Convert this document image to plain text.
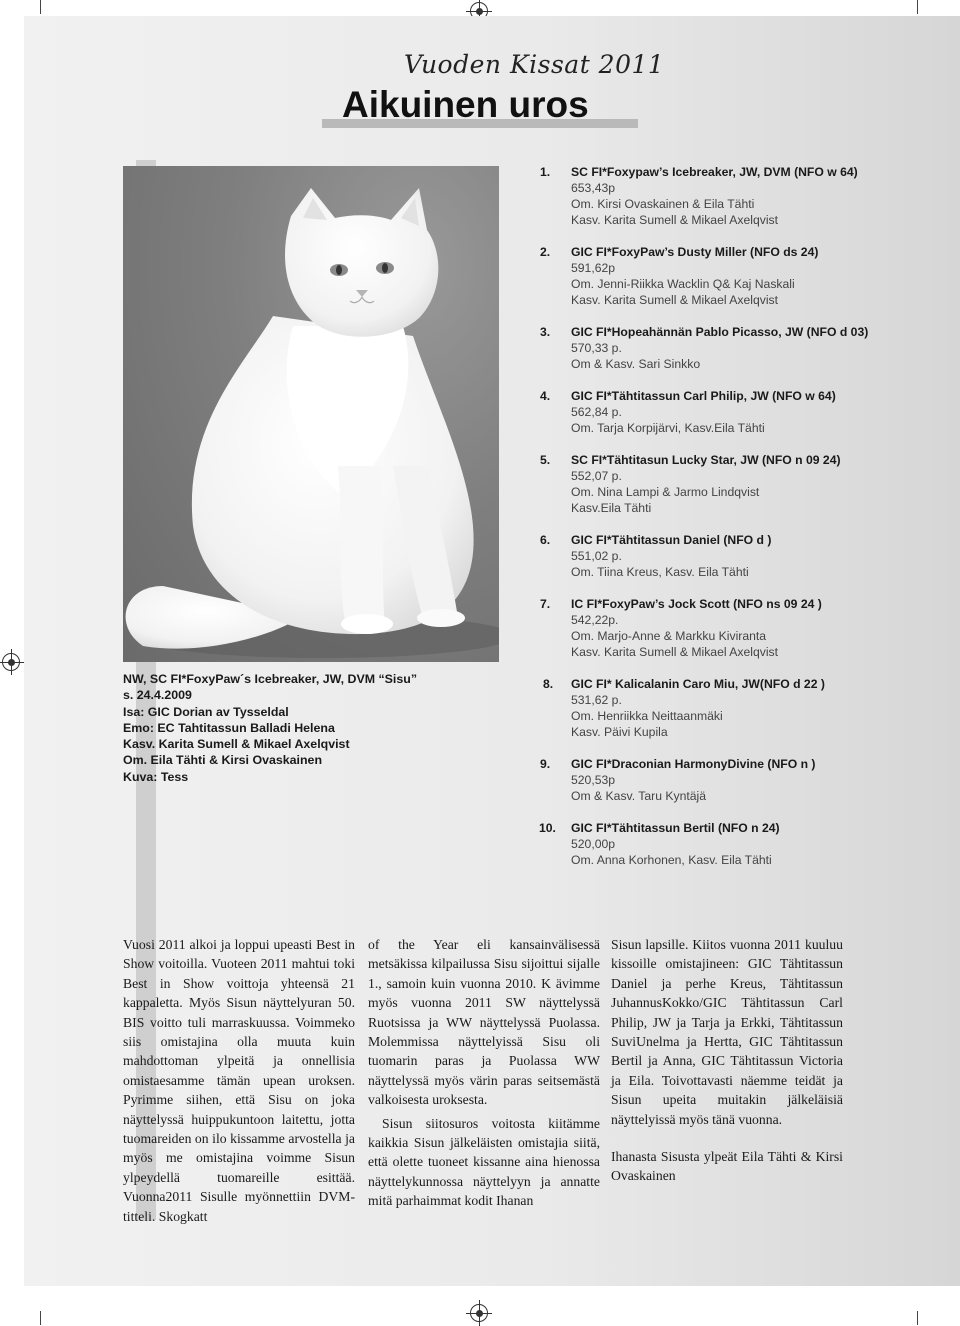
Vuoden Kissat 2011
Aikuinen uros
NW, SC FI*FoxyPaw´s Icebreaker, JW, DVM “Sisu”
s. 24.4.2009
Isa: GIC Dorian av Tysseldal
Emo: EC Tahtitassun Balladi Helena
Kasv. Karita Sumell & Mikael Axelqvist
Om. Eila Tähti & Kirsi Ovaskainen
Kuva: Tess
1. SC FI*Foxypaw’s Icebreaker, JW, DVM (NFO w 64)
653,43p
Om. Kirsi Ovaskainen & Eila Tähti
Kasv. Karita Sumell & Mikael Axelqvist
2. GIC FI*FoxyPaw’s Dusty Miller (NFO ds 24)
591,62p
Om. Jenni-Riikka Wacklin Q& Kaj Naskali
Kasv. Karita Sumell & Mikael Axelqvist
3. GIC FI*Hopeahännän Pablo Picasso, JW (NFO d 03)
570,33 p.
Om & Kasv. Sari Sinkko
4. GIC FI*Tähtitassun Carl Philip, JW (NFO w 64)
562,84 p.
Om. Tarja Korpijärvi, Kasv.Eila Tähti
5. SC FI*Tähtitasun Lucky Star, JW (NFO n 09 24)
552,07 p.
Om. Nina Lampi & Jarmo Lindqvist
Kasv.Eila Tähti
6. GIC FI*Tähtitassun Daniel (NFO d )
551,02 p.
Om. Tiina Kreus, Kasv. Eila Tähti
7. IC FI*FoxyPaw’s Jock Scott (NFO ns 09 24 )
542,22p.
Om. Marjo-Anne & Markku Kiviranta
Kasv. Karita Sumell & Mikael Axelqvist
8. GIC FI* Kalicalanin Caro Miu, JW(NFO d 22 )
531,62 p.
Om. Henriikka Neittaanmäki
Kasv. Päivi Kupila
9. GIC FI*Draconian HarmonyDivine (NFO n )
520,53p
Om & Kasv. Taru Kyntäjä
10. GIC FI*Tähtitassun Bertil (NFO n 24)
520,00p
Om. Anna Korhonen, Kasv. Eila Tähti

Vuosi 2011 alkoi ja loppui upeasti Best in Show voitoilla. Vuoteen 2011 mahtui toki Best in Show voittoja yhteensä 21 kappaletta. Myös Sisun näyttelyuran 50. BIS voitto tuli marraskuussa. Voimmeko siis omistajina olla muuta kuin mahdottoman ylpeitä ja onnellisia omistaesamme tämän upean uroksen. Pyrimme siihen, että Sisu on joka näyttelyssä huippukuntoon laitettu, jotta tuomareiden on ilo kissamme arvostella ja myös me omistajina voimme Sisun ylpeydellä tuomareille esittää. Vuonna2011 Sisulle myönnettiin DVM-titteli. Skogkatt

of the Year eli kansainvälisessä metsäkissa kilpailussa Sisu sijoittui sijalle 1., samoin kuin vuonna 2010. K ävimme myös vuonna 2011 SW näyttelyssä Ruotsissa ja WW näyttelyssä Puolassa. Molemmissa näyttelyissä Sisu oli tuomarin paras ja Puolassa WW näyttelyssä myös värin paras seitsemästä valkoisesta uroksesta.

Sisun siitosuros voitosta kiitämme kaikkia Sisun jälkeläisten omistajia siitä, että olette tuoneet kissanne aina hienossa näyttelykunnossa näyttelyyn ja annatte mitä parhaimmat kodit Ihanan

Sisun lapsille. Kiitos vuonna 2011 kuuluu kissoille omistajineen: GIC Tähtitassun Daniel ja perhe Kreus, Tähtitassun JuhannusKokko/GIC Tähtitassun Carl Philip, JW ja Tarja ja Erkki, Tähtitassun SuviUnelma ja Hertta, GIC Tähtitassun Bertil ja Anna, GIC Tähtitassun Victoria ja Eila. Toivottavasti näemme teidät ja Sisun upeita muitakin jälkeläisiä näyttelyissä myös tänä vuonna.

Ihanasta Sisusta ylpeät Eila Tähti & Kirsi Ovaskainen
